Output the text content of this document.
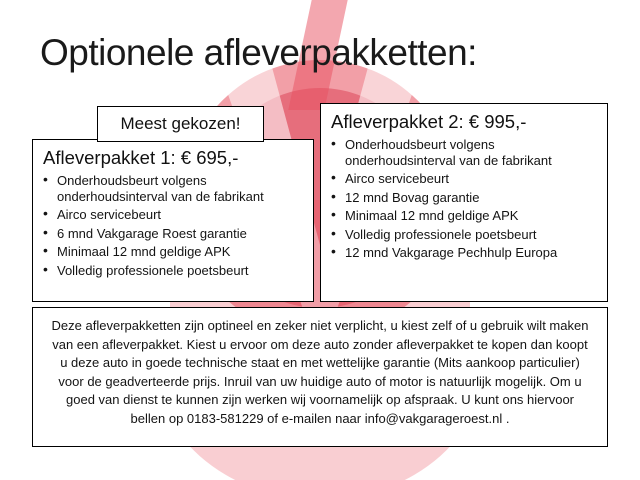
Optionele afleverpakketten:
Meest gekozen!
Afleverpakket 1: € 695,-
• Onderhoudsbeurt volgens onderhoudsinterval van de fabrikant
• Airco servicebeurt
• 6 mnd Vakgarage Roest garantie
• Minimaal 12 mnd geldige APK
• Volledig professionele poetsbeurt
Afleverpakket 2: € 995,-
• Onderhoudsbeurt volgens onderhoudsinterval van de fabrikant
• Airco servicebeurt
• 12 mnd Bovag garantie
• Minimaal 12 mnd geldige APK
• Volledig professionele poetsbeurt
• 12 mnd Vakgarage Pechhulp Europa
Deze afleverpakketten zijn optineel en zeker niet verplicht, u kiest zelf of u gebruik wilt maken van een afleverpakket. Kiest u ervoor om deze auto zonder afleverpakket te kopen dan koopt u deze auto in goede technische staat en met wettelijke garantie (Mits aankoop particulier) voor de geadverteerde prijs. Inruil van uw huidige auto of motor is natuurlijk mogelijk. Om u goed van dienst te kunnen zijn werken wij voornamelijk op afspraak. U kunt ons hiervoor bellen op 0183-581229 of e-mailen naar info@vakgarageroest.nl .
